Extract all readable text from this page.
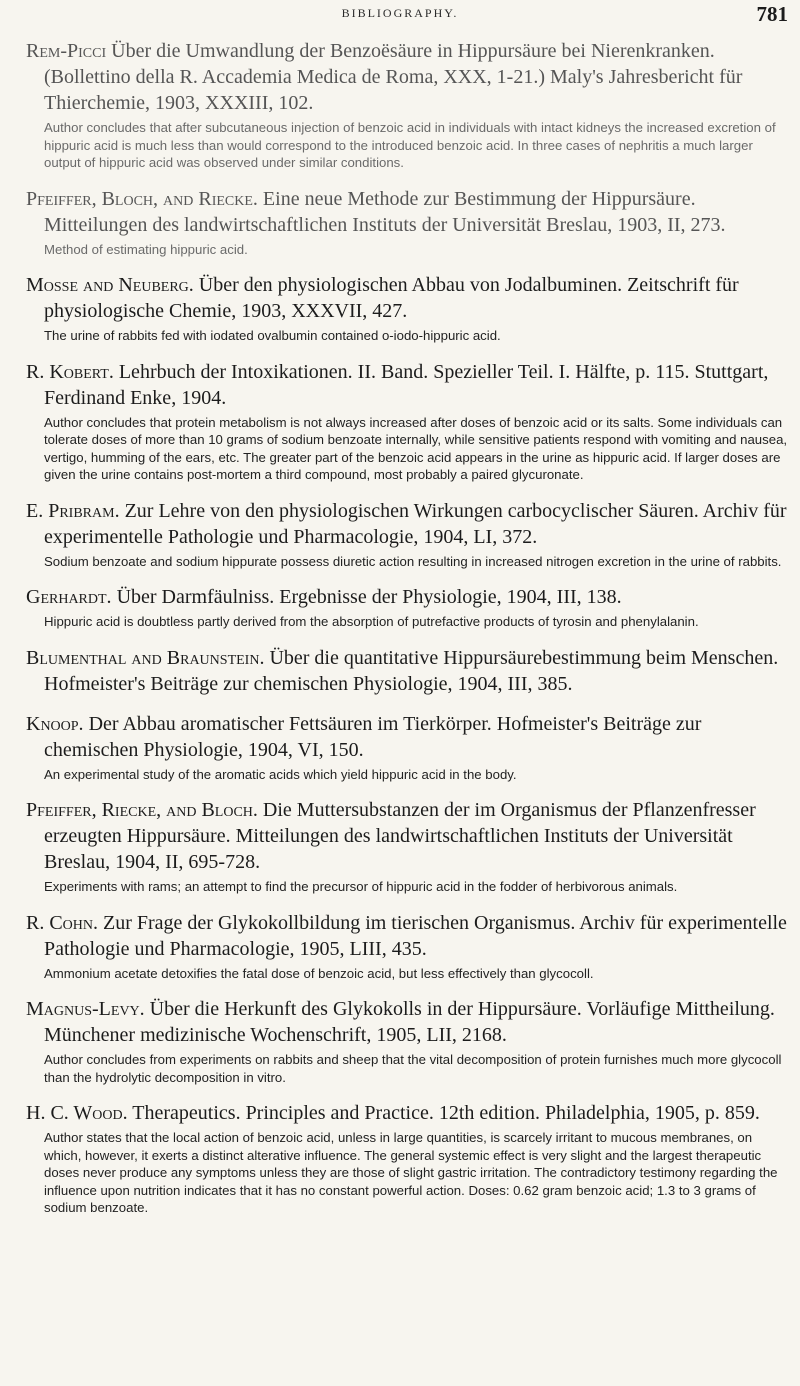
BIBLIOGRAPHY.	781
Rem-Picci Über die Umwandlung der Benzoësäure in Hippursäure bei Nierenkranken. (Bollettino della R. Accademia Medica de Roma, XXX, 1-21.) Maly's Jahresbericht für Thierchemie, 1903, XXXIII, 102.
Author concludes that after subcutaneous injection of benzoic acid in individuals with intact kidneys the increased excretion of hippuric acid is much less than would correspond to the introduced benzoic acid. In three cases of nephritis a much larger output of hippuric acid was observed under similar conditions.
Pfeiffer, Bloch, and Riecke. Eine neue Methode zur Bestimmung der Hippursäure. Mitteilungen des landwirtschaftlichen Instituts der Universität Breslau, 1903, II, 273.
Method of estimating hippuric acid.
Mosse and Neuberg. Über den physiologischen Abbau von Jodalbuminen. Zeitschrift für physiologische Chemie, 1903, XXXVII, 427.
The urine of rabbits fed with iodated ovalbumin contained o-iodo-hippuric acid.
R. Kobert. Lehrbuch der Intoxikationen. II. Band. Spezieller Teil. I. Hälfte, p. 115. Stuttgart, Ferdinand Enke, 1904.
Author concludes that protein metabolism is not always increased after doses of benzoic acid or its salts. Some individuals can tolerate doses of more than 10 grams of sodium benzoate internally, while sensitive patients respond with vomiting and nausea, vertigo, humming of the ears, etc. The greater part of the benzoic acid appears in the urine as hippuric acid. If larger doses are given the urine contains post-mortem a third compound, most probably a paired glycuronate.
E. Pribram. Zur Lehre von den physiologischen Wirkungen carbocyclischer Säuren. Archiv für experimentelle Pathologie und Pharmacologie, 1904, LI, 372.
Sodium benzoate and sodium hippurate possess diuretic action resulting in increased nitrogen excretion in the urine of rabbits.
Gerhardt. Über Darmfäulniss. Ergebnisse der Physiologie, 1904, III, 138.
Hippuric acid is doubtless partly derived from the absorption of putrefactive products of tyrosin and phenylalanin.
Blumenthal and Braunstein. Über die quantitative Hippursäurebestimmung beim Menschen. Hofmeister's Beiträge zur chemischen Physiologie, 1904, III, 385.
Knoop. Der Abbau aromatischer Fettsäuren im Tierkörper. Hofmeister's Beiträge zur chemischen Physiologie, 1904, VI, 150.
An experimental study of the aromatic acids which yield hippuric acid in the body.
Pfeiffer, Riecke, and Bloch. Die Muttersubstanzen der im Organismus der Pflanzenfresser erzeugten Hippursäure. Mitteilungen des landwirtschaftlichen Instituts der Universität Breslau, 1904, II, 695-728.
Experiments with rams; an attempt to find the precursor of hippuric acid in the fodder of herbivorous animals.
R. Cohn. Zur Frage der Glykokollbildung im tierischen Organismus. Archiv für experimentelle Pathologie und Pharmacologie, 1905, LIII, 435.
Ammonium acetate detoxifies the fatal dose of benzoic acid, but less effectively than glycocoll.
Magnus-Levy. Über die Herkunft des Glykokolls in der Hippursäure. Vorläufige Mittheilung. Münchener medizinische Wochenschrift, 1905, LII, 2168.
Author concludes from experiments on rabbits and sheep that the vital decomposition of protein furnishes much more glycocoll than the hydrolytic decomposition in vitro.
H. C. Wood. Therapeutics. Principles and Practice. 12th edition. Philadelphia, 1905, p. 859.
Author states that the local action of benzoic acid, unless in large quantities, is scarcely irritant to mucous membranes, on which, however, it exerts a distinct alterative influence. The general systemic effect is very slight and the largest therapeutic doses never produce any symptoms unless they are those of slight gastric irritation. The contradictory testimony regarding the influence upon nutrition indicates that it has no constant powerful action. Doses: 0.62 gram benzoic acid; 1.3 to 3 grams of sodium benzoate.
